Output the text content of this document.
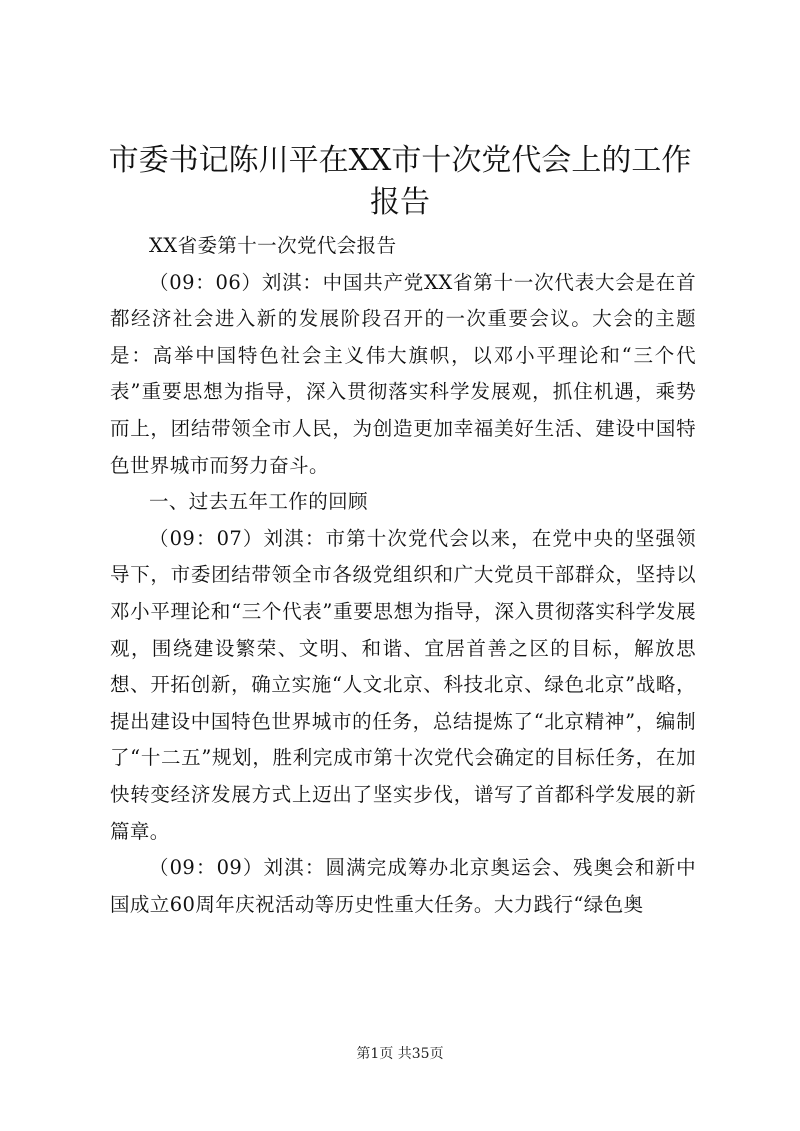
市委书记陈川平在XX市十次党代会上的工作
报告

XX省委第十一次党代会报告

（09：06）刘淇：中国共产党XX省第十一次代表大会是在首都经济社会进入新的发展阶段召开的一次重要会议。大会的主题是：高举中国特色社会主义伟大旗帜，以邓小平理论和“三个代表”重要思想为指导，深入贯彻落实科学发展观，抓住机遇，乘势而上，团结带领全市人民，为创造更加幸福美好生活、建设中国特色世界城市而努力奋斗。

一、过去五年工作的回顾

（09：07）刘淇：市第十次党代会以来，在党中央的坚强领导下，市委团结带领全市各级党组织和广大党员干部群众，坚持以邓小平理论和“三个代表”重要思想为指导，深入贯彻落实科学发展观，围绕建设繁荣、文明、和谐、宜居首善之区的目标，解放思想、开拓创新，确立实施“人文北京、科技北京、绿色北京”战略，提出建设中国特色世界城市的任务，总结提炼了“北京精神”，编制了“十二五”规划，胜利完成市第十次党代会确定的目标任务，在加快转变经济发展方式上迈出了坚实步伐，谱写了首都科学发展的新篇章。

（09：09）刘淇：圆满完成筹办北京奥运会、残奥会和新中国成立60周年庆祝活动等历史性重大任务。大力践行“绿色奥

第1页 共35页
